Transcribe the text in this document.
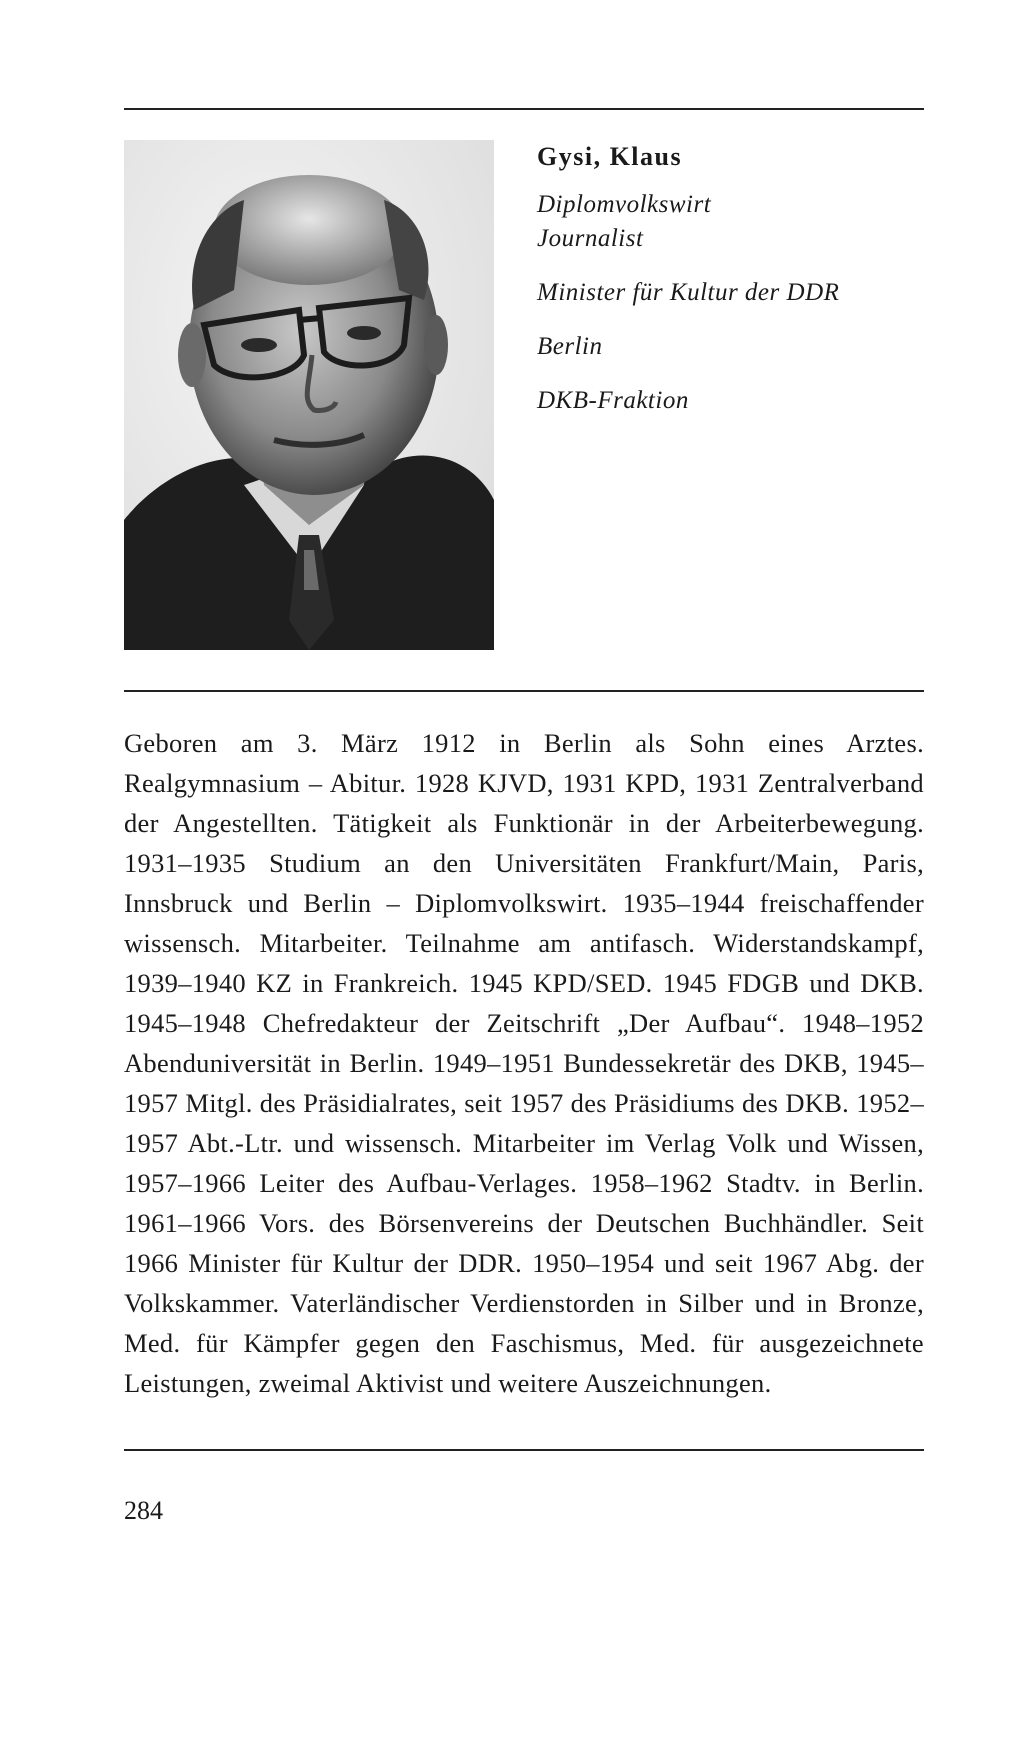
Gysi, Klaus

Diplomvolkswirt

Journalist

Minister für Kultur der DDR

Berlin

DKB-Fraktion

Geboren am 3. März 1912 in Berlin als Sohn eines Arztes. Realgymnasium – Abitur. 1928 KJVD, 1931 KPD, 1931 Zentralverband der Angestellten. Tätigkeit als Funktionär in der Arbeiterbewegung. 1931–1935 Studium an den Universitäten Frankfurt/Main, Paris, Innsbruck und Berlin – Diplomvolkswirt. 1935–1944 freischaffender wissensch. Mitarbeiter. Teilnahme am antifasch. Widerstandskampf, 1939–1940 KZ in Frankreich. 1945 KPD/SED. 1945 FDGB und DKB. 1945–1948 Chefredakteur der Zeitschrift „Der Aufbau“. 1948–1952 Abenduniversität in Berlin. 1949–1951 Bundessekretär des DKB, 1945–1957 Mitgl. des Präsidialrates, seit 1957 des Präsidiums des DKB. 1952–1957 Abt.-Ltr. und wissensch. Mitarbeiter im Verlag Volk und Wissen, 1957–1966 Leiter des Aufbau-Verlages. 1958–1962 Stadtv. in Berlin. 1961–1966 Vors. des Börsenvereins der Deutschen Buchhändler. Seit 1966 Minister für Kultur der DDR. 1950–1954 und seit 1967 Abg. der Volkskammer. Vaterländischer Verdienstorden in Silber und in Bronze, Med. für Kämpfer gegen den Faschismus, Med. für ausgezeichnete Leistungen, zweimal Aktivist und weitere Auszeichnungen.

284
